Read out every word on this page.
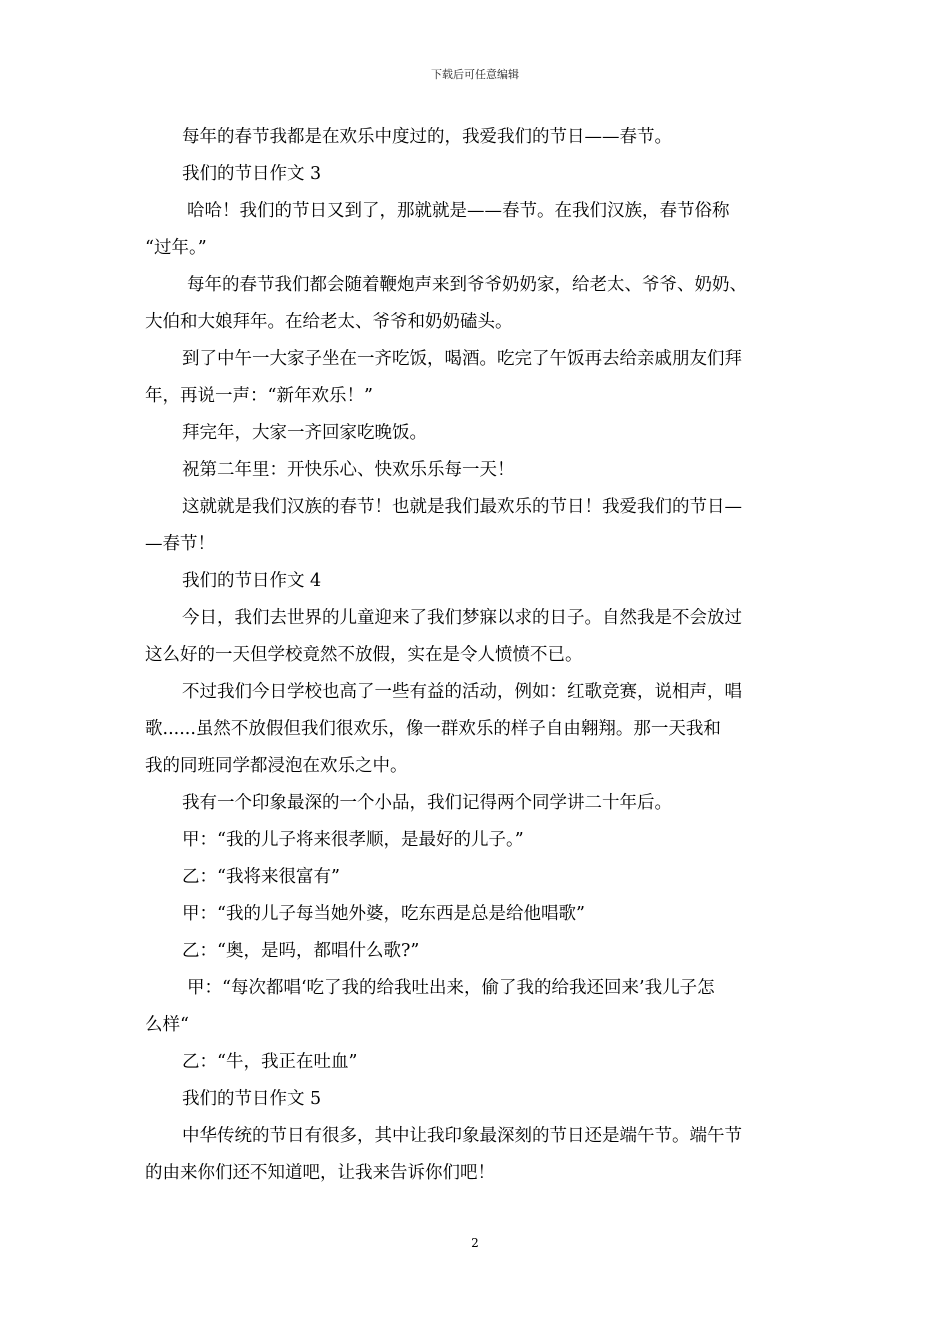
下载后可任意编辑
每年的春节我都是在欢乐中度过的，我爱我们的节日——春节。
我们的节日作文 3
哈哈！我们的节日又到了，那就就是——春节。在我们汉族，春节俗称
“过年。”
每年的春节我们都会随着鞭炮声来到爷爷奶奶家，给老太、爷爷、奶奶、
大伯和大娘拜年。在给老太、爷爷和奶奶磕头。
到了中午一大家子坐在一齐吃饭，喝酒。吃完了午饭再去给亲戚朋友们拜
年，再说一声：“新年欢乐！”
拜完年，大家一齐回家吃晚饭。
祝第二年里：开快乐心、快欢乐乐每一天！
这就就是我们汉族的春节！也就是我们最欢乐的节日！我爱我们的节日—
—春节！
我们的节日作文 4
今日，我们去世界的儿童迎来了我们梦寐以求的日子。自然我是不会放过
这么好的一天但学校竟然不放假，实在是令人愤愤不已。
不过我们今日学校也高了一些有益的活动，例如：红歌竞赛，说相声，唱
歌......虽然不放假但我们很欢乐，像一群欢乐的样子自由翱翔。那一天我和
我的同班同学都浸泡在欢乐之中。
我有一个印象最深的一个小品，我们记得两个同学讲二十年后。
甲：“我的儿子将来很孝顺，是最好的儿子。”
乙：“我将来很富有”
甲：“我的儿子每当她外婆，吃东西是总是给他唱歌”
乙：“奥，是吗，都唱什么歌?”
甲：“每次都唱‘吃了我的给我吐出来，偷了我的给我还回来’我儿子怎
么样“
乙：“牛，我正在吐血”
我们的节日作文 5
中华传统的节日有很多，其中让我印象最深刻的节日还是端午节。端午节
的由来你们还不知道吧，让我来告诉你们吧！
2
